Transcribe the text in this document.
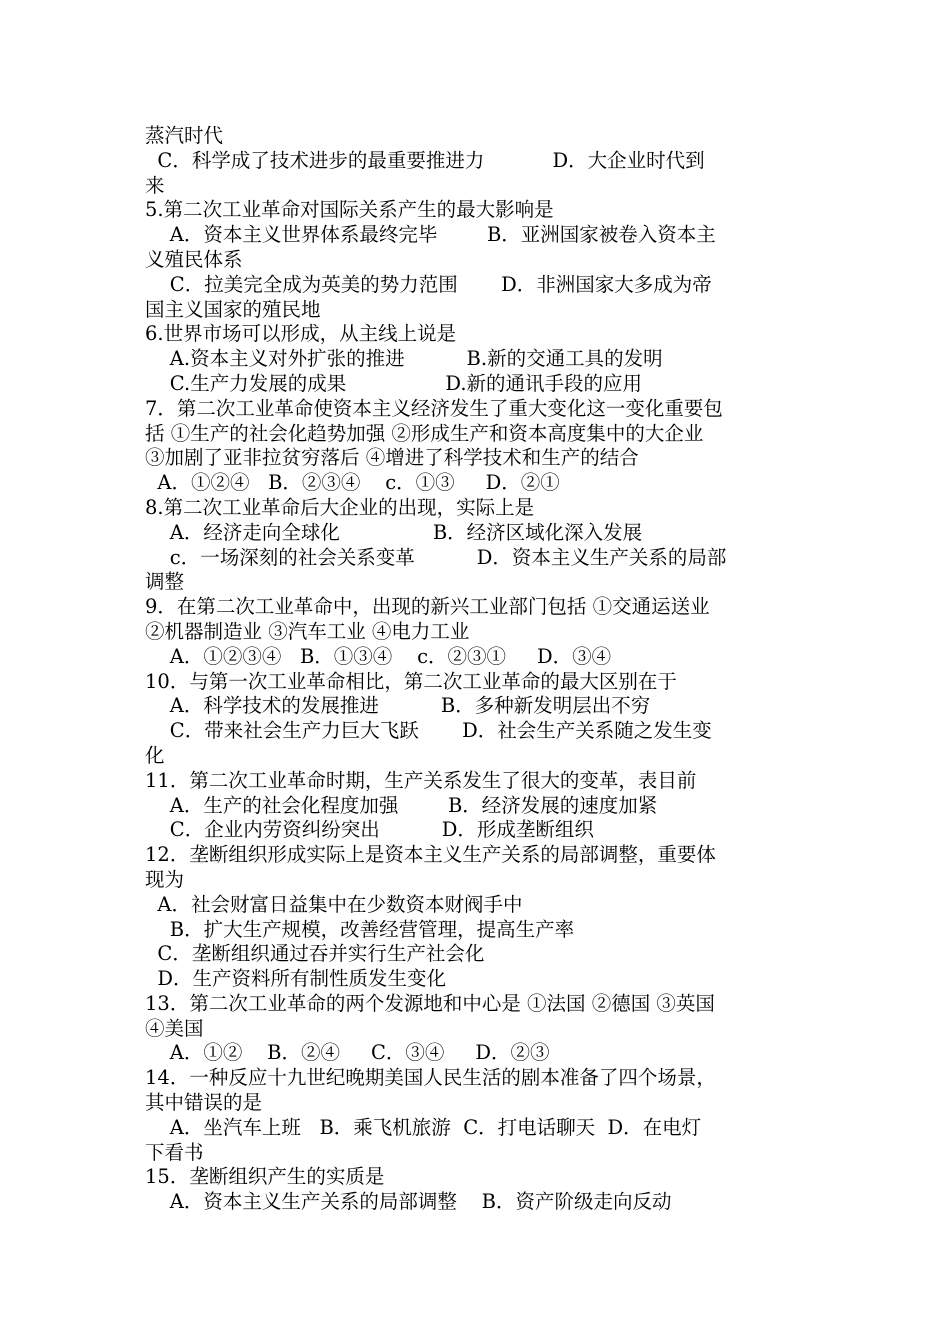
蒸汽时代
C．科学成了技术进步的最重要推进力           D．大企业时代到
来
5.第二次工业革命对国际关系产生的最大影响是
A．资本主义世界体系最终完毕        B．亚洲国家被卷入资本主
义殖民体系
C．拉美完全成为英美的势力范围       D．非洲国家大多成为帝
国主义国家的殖民地
6.世界市场可以形成，从主线上说是
A.资本主义对外扩张的推进          B.新的交通工具的发明
C.生产力发展的成果                D.新的通讯手段的应用
7．第二次工业革命使资本主义经济发生了重大变化这一变化重要包
括 ①生产的社会化趋势加强 ②形成生产和资本高度集中的大企业
③加剧了亚非拉贫穷落后 ④增进了科学技术和生产的结合
A．①②④   B．②③④    c．①③     D．②①
8.第二次工业革命后大企业的出现，实际上是
A．经济走向全球化               B．经济区域化深入发展
c．一场深刻的社会关系变革          D．资本主义生产关系的局部
调整
9．在第二次工业革命中，出现的新兴工业部门包括 ①交通运送业
②机器制造业 ③汽车工业 ④电力工业
A．①②③④   B．①③④    c．②③①     D．③④
10．与第一次工业革命相比，第二次工业革命的最大区别在于
A．科学技术的发展推进          B．多种新发明层出不穷
C．带来社会生产力巨大飞跃       D．社会生产关系随之发生变
化
11．第二次工业革命时期，生产关系发生了很大的变革，表目前
A．生产的社会化程度加强        B．经济发展的速度加紧
C．企业内劳资纠纷突出          D．形成垄断组织
12．垄断组织形成实际上是资本主义生产关系的局部调整，重要体
现为
A．社会财富日益集中在少数资本财阀手中
B．扩大生产规模，改善经营管理，提高生产率
C．垄断组织通过吞并实行生产社会化
D．生产资料所有制性质发生变化
13．第二次工业革命的两个发源地和中心是 ①法国 ②德国 ③英国
④美国
A．①②    B．②④     C．③④     D．②③
14．一种反应十九世纪晚期美国人民生活的剧本准备了四个场景，
其中错误的是
A．坐汽车上班   B．乘飞机旅游  C．打电话聊天  D．在电灯
下看书
15．垄断组织产生的实质是
A．资本主义生产关系的局部调整    B．资产阶级走向反动
